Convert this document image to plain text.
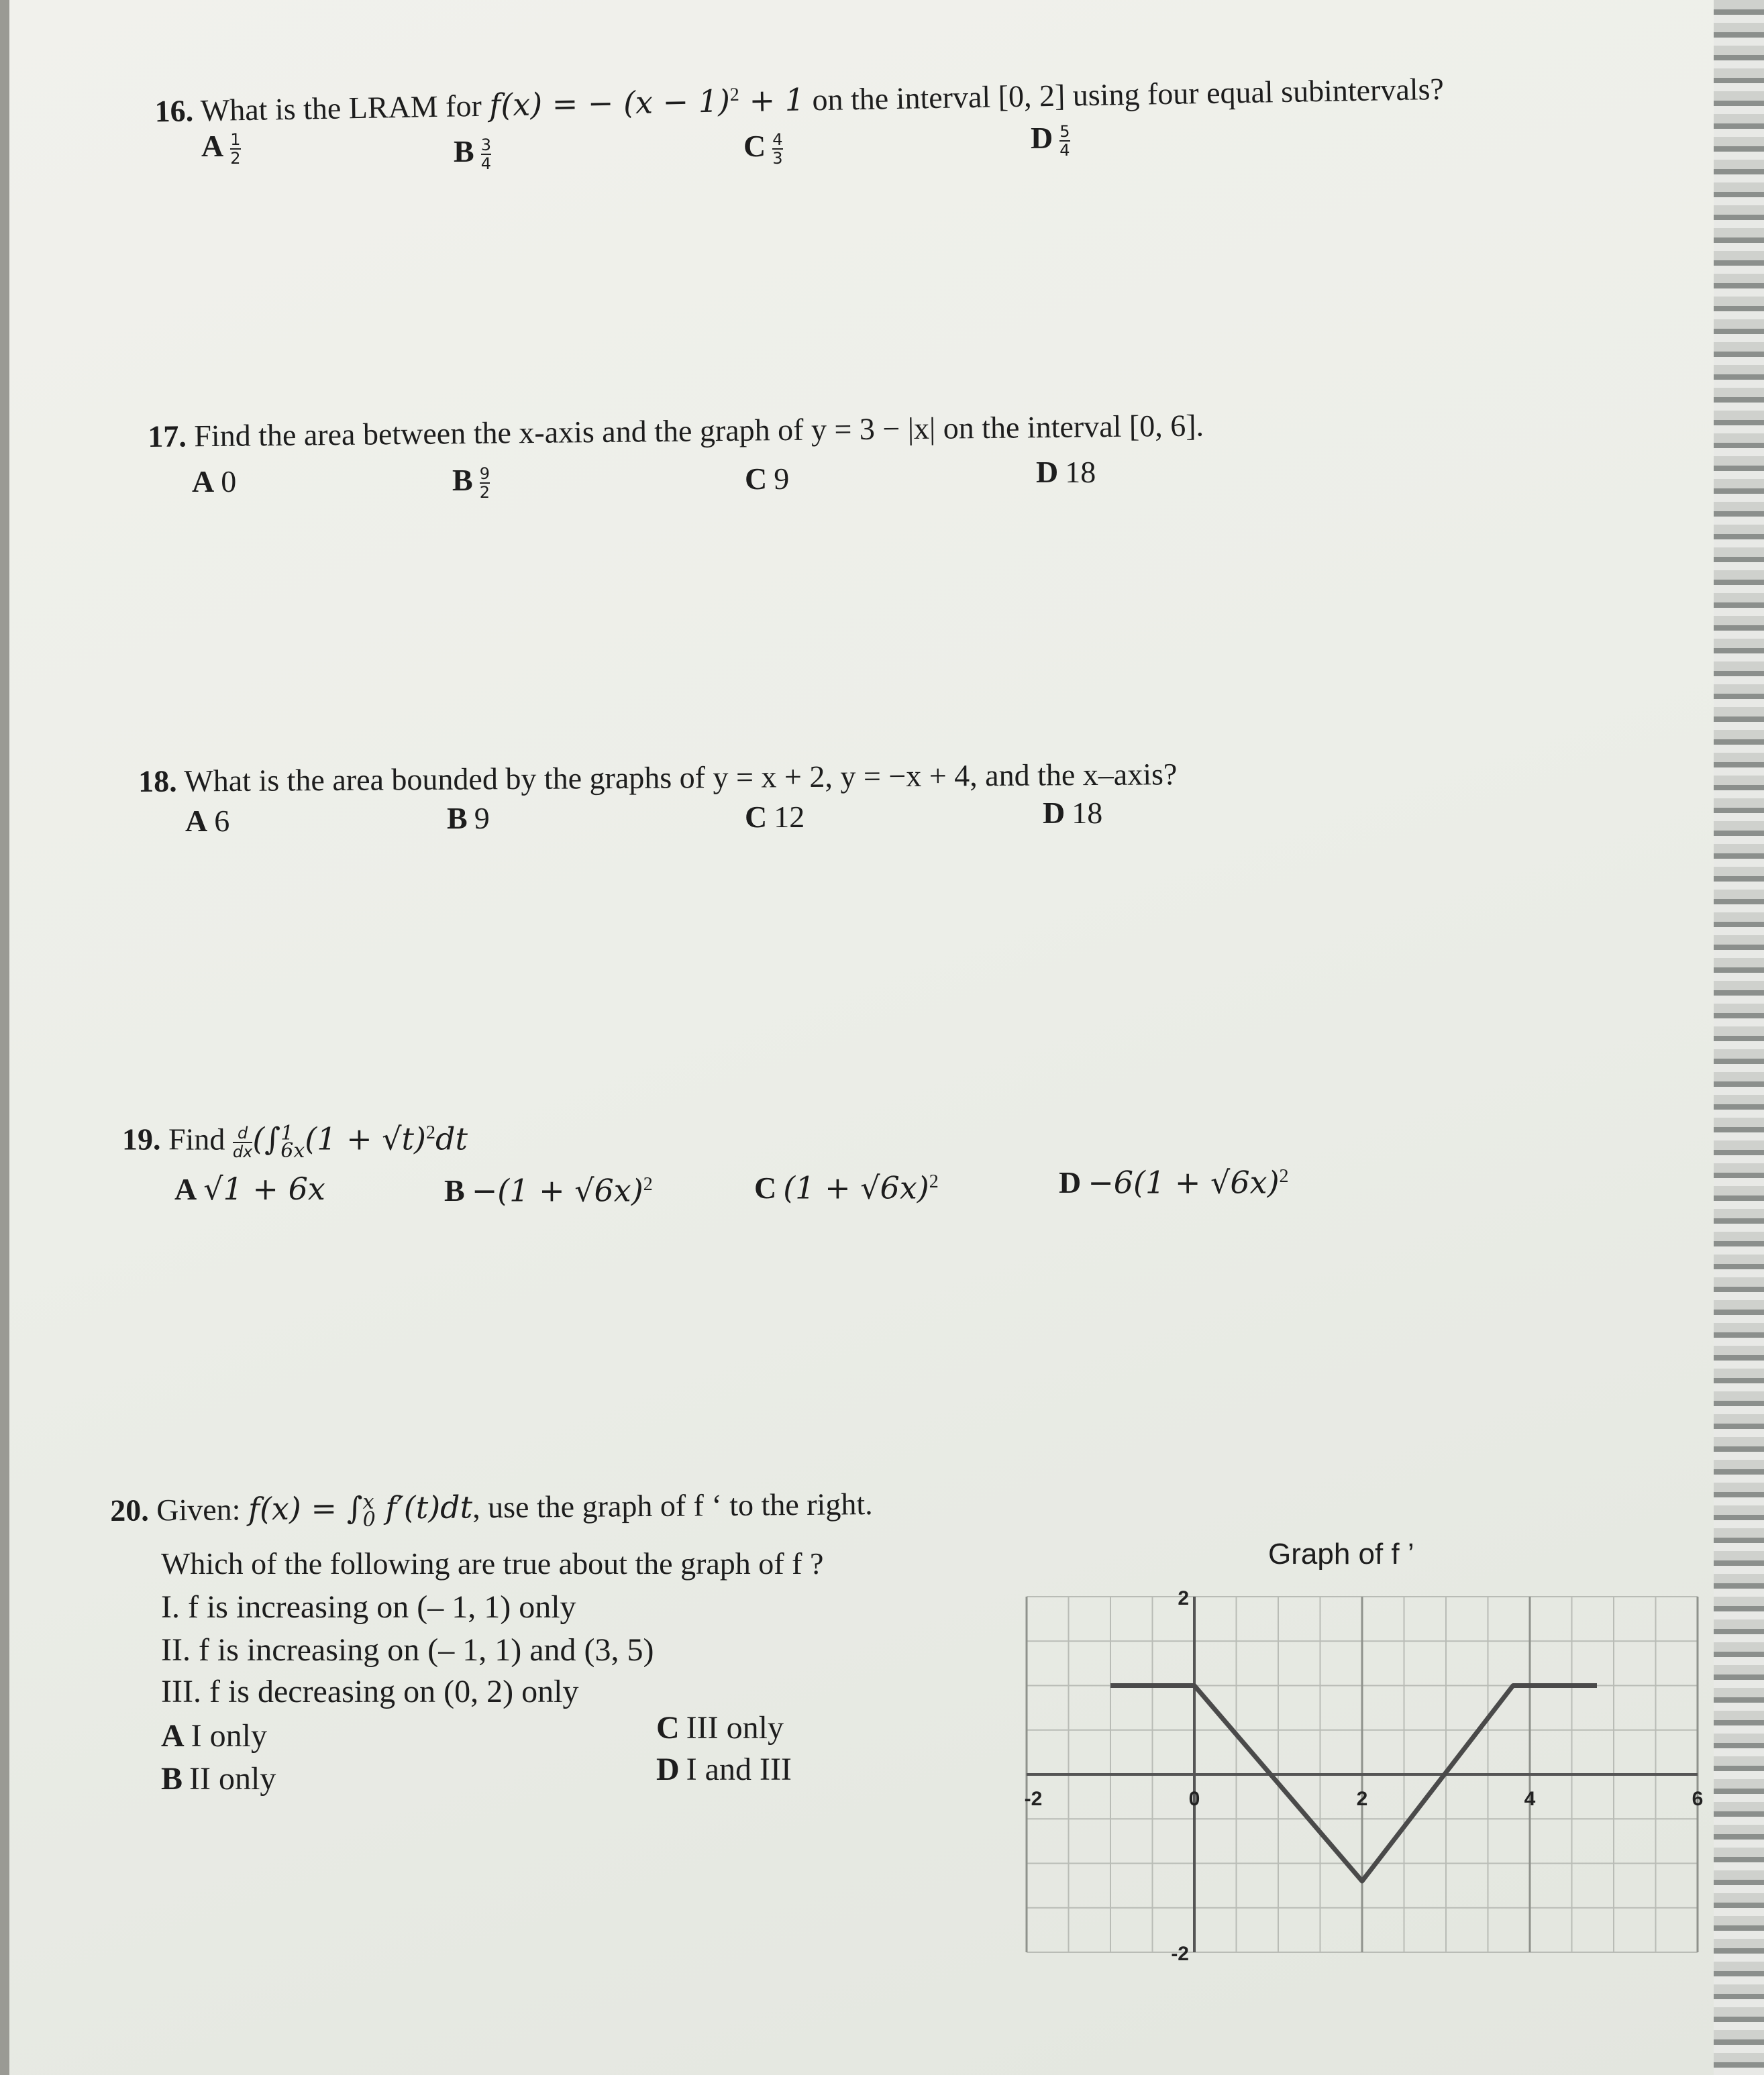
16. What is the LRAM for f(x) = − $(x - 1)^2 + 1$ on the interval [0, 2] using four equal subintervals?
A $\frac{1}{2}$	B $\frac{3}{4}$	C $\frac{4}{3}$	D $\frac{5}{4}$
17. Find the area between the x-axis and the graph of y = 3 − |x| on the interval [0, 6].
A 0	B $\frac{9}{2}$	C 9	D 18
18. What is the area bounded by the graphs of y = x + 2, y = −x + 4, and the x–axis?
A 6	B 9	C 12	D 18
19. Find $\frac{d}{dx}$ (∫ 1
6x $(1 + √t)^2dt$
A √1 + 6x	$B -(1 + √6x)^2$	C $(1 + √6x)^2$	$D -6(1 + √6x)^2$
20. Given: f(x) = ∫ x
0 f′(t)dt, use the graph of f ‘ to the right.
Which of the following are true about the graph of f ?
I. f is increasing on (– 1, 1) only
II. f is increasing on (– 1, 1) and (3, 5)
III. f is decreasing on (0, 2) only
A I only
B II only
C III only
D I and III
Graph of f ’
-2	0	2	4	6
2
-2
